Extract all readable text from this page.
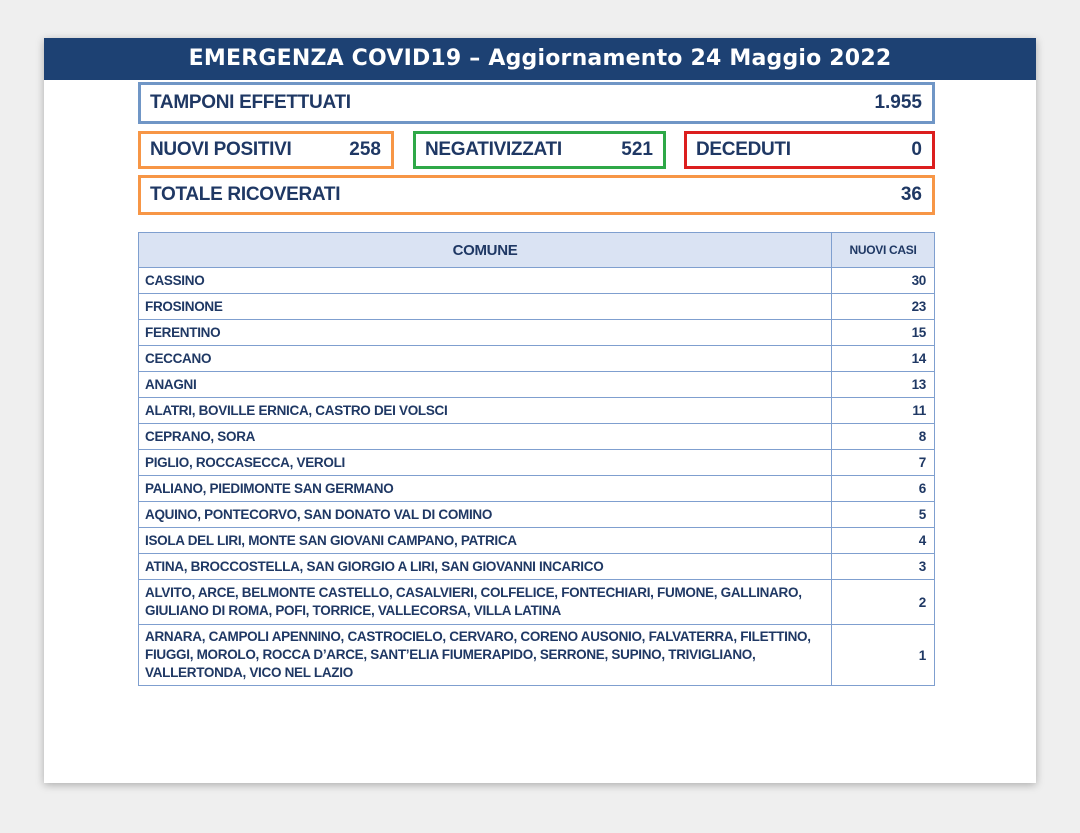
EMERGENZA COVID19 – Aggiornamento 24 Maggio 2022
TAMPONI EFFETTUATI	1.955
NUOVI POSITIVI	258 NEGATIVIZZATI	521 DECEDUTI	0
TOTALE RICOVERATI	36
COMUNE	NUOVI CASI
CASSINO	30
FROSINONE	23
FERENTINO	15
CECCANO	14
ANAGNI	13
ALATRI, BOVILLE ERNICA, CASTRO DEI VOLSCI	11
CEPRANO, SORA	8
PIGLIO, ROCCASECCA, VEROLI	7
PALIANO, PIEDIMONTE SAN GERMANO	6
AQUINO, PONTECORVO, SAN DONATO VAL DI COMINO	5
ISOLA DEL LIRI, MONTE SAN GIOVANI CAMPANO, PATRICA	4
ATINA, BROCCOSTELLA, SAN GIORGIO A LIRI, SAN GIOVANNI INCARICO	3
ALVITO, ARCE, BELMONTE CASTELLO, CASALVIERI, COLFELICE, FONTECHIARI, FUMONE, GALLINARO, GIULIANO DI ROMA, POFI, TORRICE, VALLECORSA, VILLA LATINA	2
ARNARA, CAMPOLI APENNINO, CASTROCIELO, CERVARO, CORENO AUSONIO, FALVATERRA, FILETTINO, FIUGGI, MOROLO, ROCCA D’ARCE, SANT’ELIA FIUMERAPIDO, SERRONE, SUPINO, TRIVIGLIANO, VALLERTONDA, VICO NEL LAZIO	1
